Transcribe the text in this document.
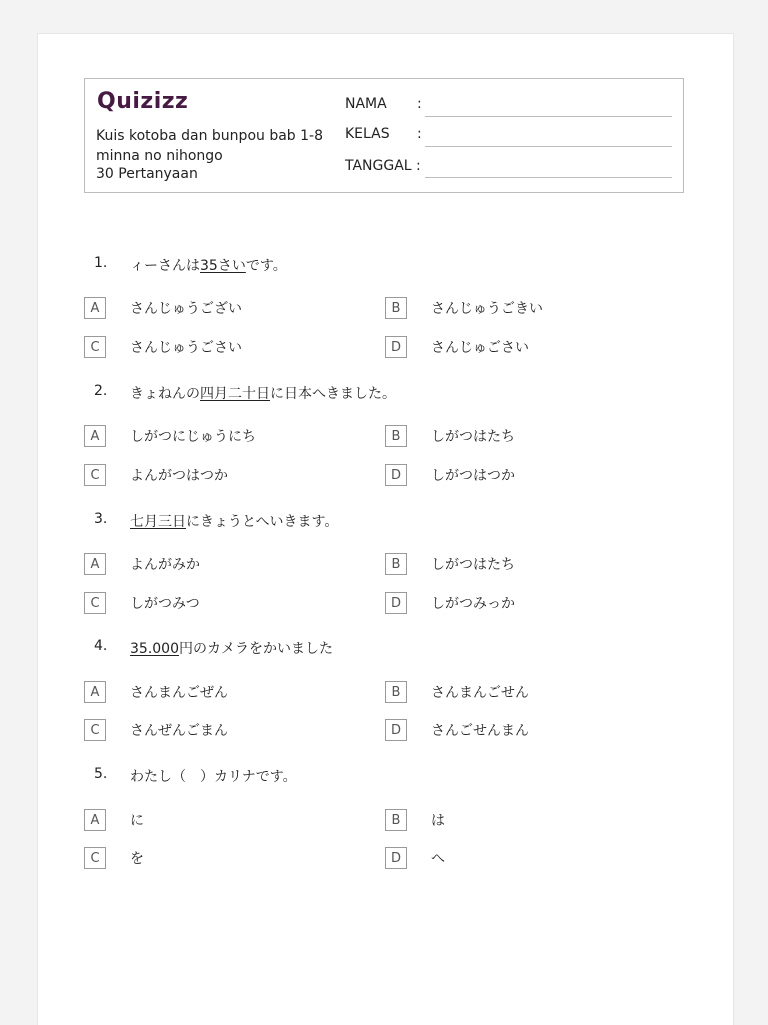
Quizizz
Kuis kotoba dan bunpou bab 1-8 minna no nihongo
30 Pertanyaan
NAMA :
KELAS :
TANGGAL :
1. ィーさんは35さいです。
A	さんじゅうござい	B	さんじゅうごきい
C	さんじゅうごさい	D	さんじゅごさい
2. きょねんの四月二十日に日本へきました。
A	しがつにじゅうにち	B	しがつはたち
C	よんがつはつか	D	しがつはつか
3. 七月三日にきょうとへいきます。
A	よんがみか	B	しがつはたち
C	しがつみつ	D	しがつみっか
4. 35.000円のカメラをかいました
A	さんまんごぜん	B	さんまんごせん
C	さんぜんごまん	D	さんごせんまん
5. わたし（　）カリナです。
A	に	B	は
C	を	D	へ
